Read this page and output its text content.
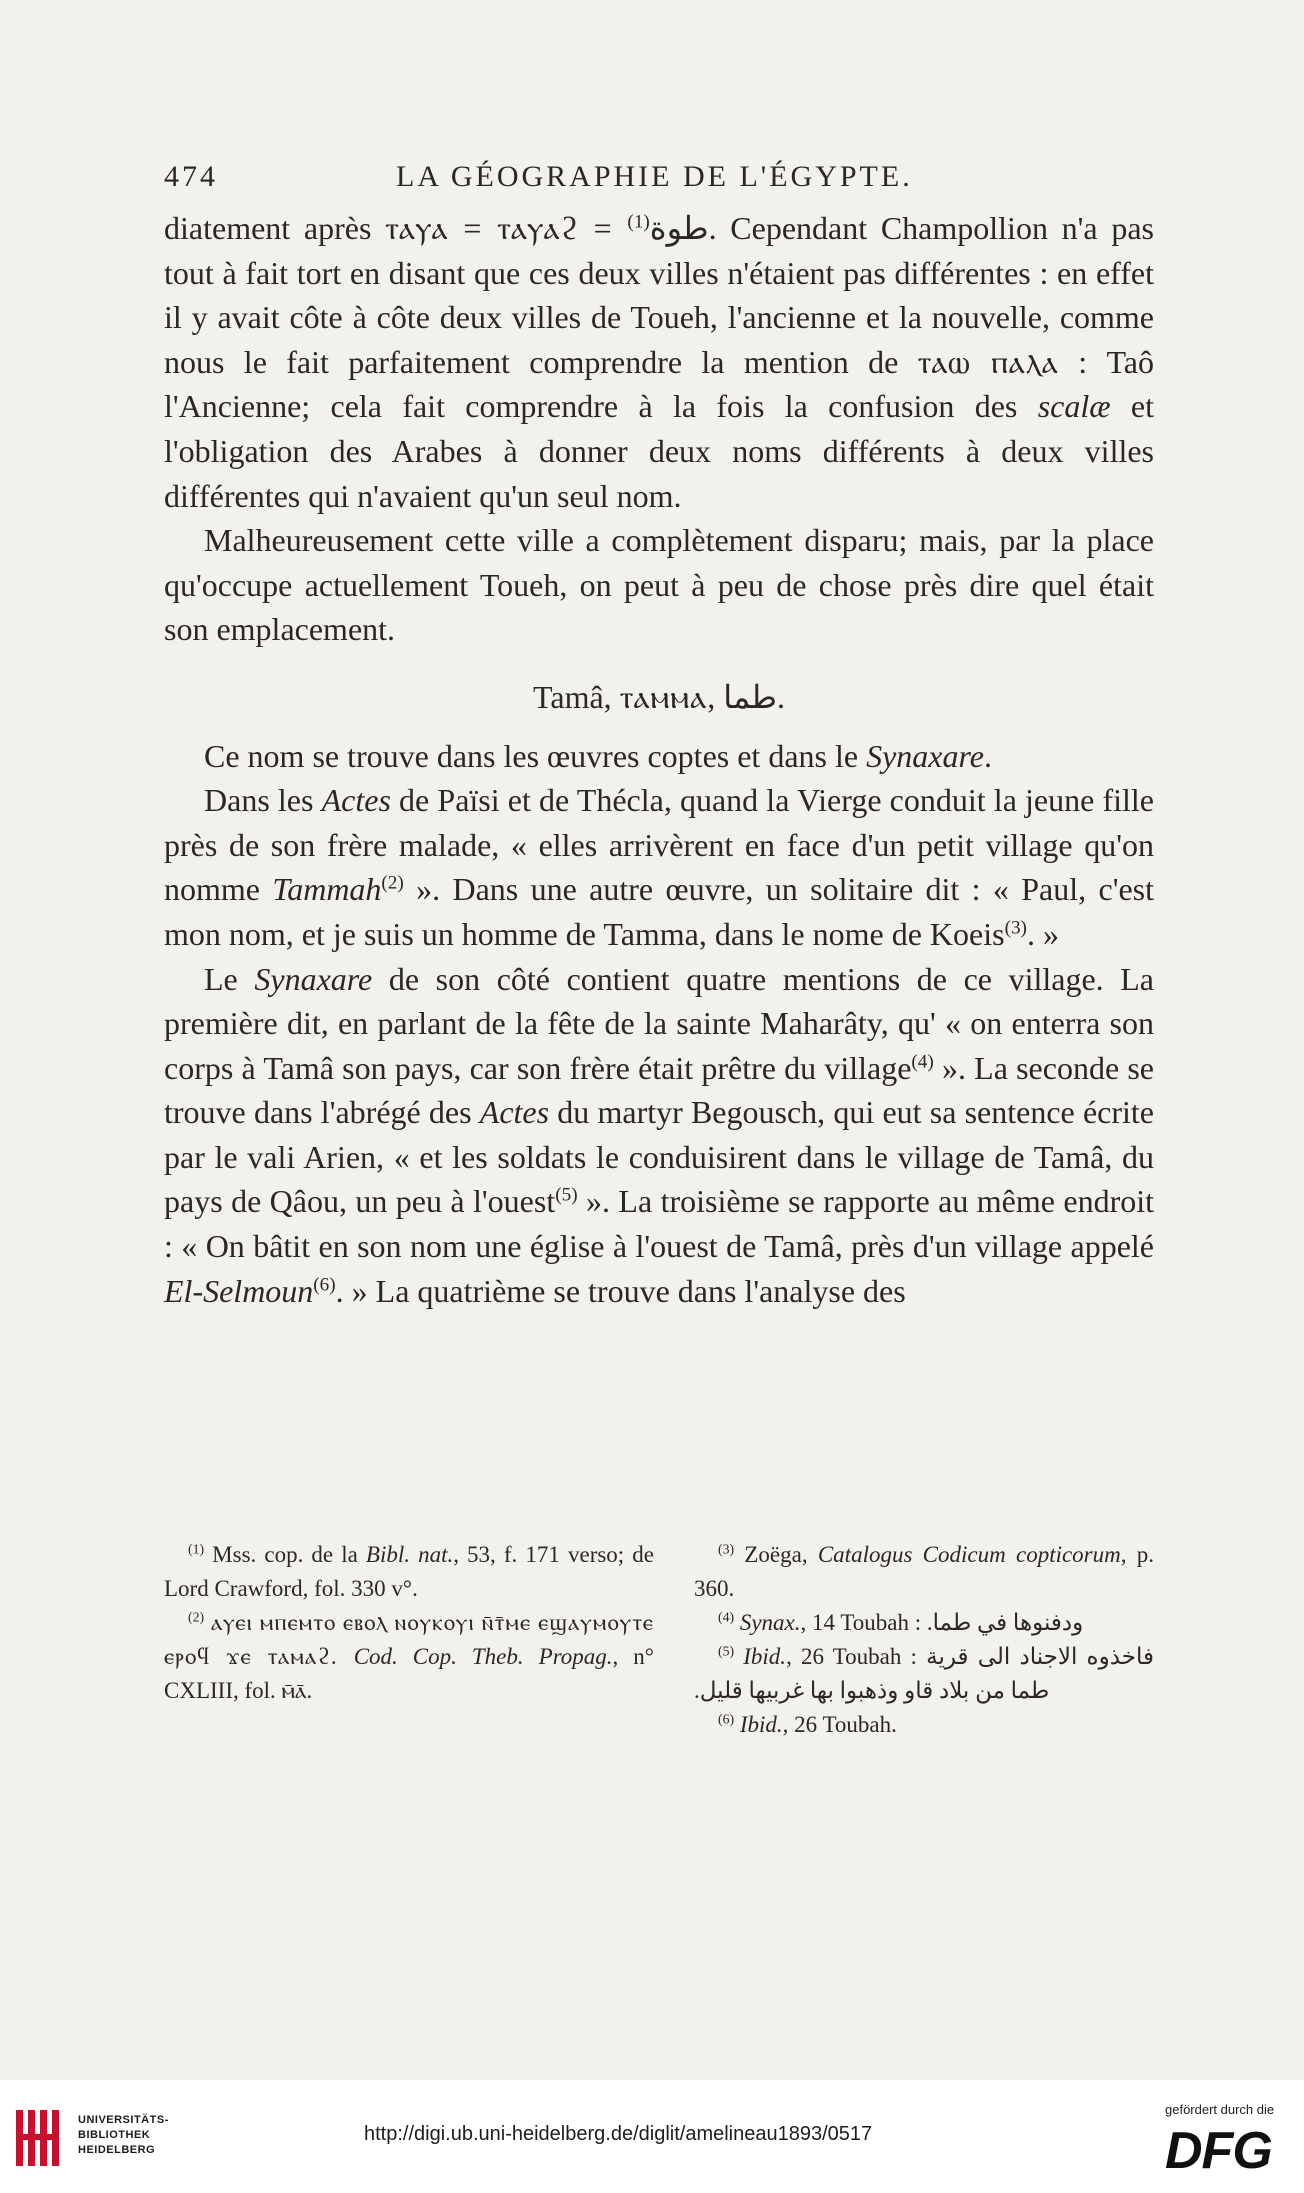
474	LA GÉOGRAPHIE DE L'ÉGYPTE.

diatement après ⲧⲁⲩⲁ = ⲧⲁⲩⲁϩ = طوة$^{(1)}$ . Cependant Champollion n'a pas tout à fait tort en disant que ces deux villes n'étaient pas différentes : en effet il y avait côte à côte deux villes de Toueh, l'ancienne et la nouvelle, comme nous le fait parfaitement comprendre la mention de ⲧⲁⲱ ⲡⲁⲗⲁ : Taô l'Ancienne; cela fait comprendre à la fois la confusion des scalæ et l'obligation des Arabes à donner deux noms différents à deux villes différentes qui n'avaient qu'un seul nom.

Malheureusement cette ville a complètement disparu; mais, par la place qu'occupe actuellement Toueh, on peut à peu de chose près dire quel était son emplacement.

Tamâ, ⲧⲁⲙⲙⲁ, طما.

Ce nom se trouve dans les œuvres coptes et dans le Synaxare.

Dans les Actes de Païsi et de Thécla, quand la Vierge conduit la jeune fille près de son frère malade, « elles arrivèrent en face d'un petit village qu'on nomme Tammah$^{(2)}$ ». Dans une autre œuvre, un solitaire dit : « Paul, c'est mon nom, et je suis un homme de Tamma, dans le nome de Koeis$^{(3)}$. »

Le Synaxare de son côté contient quatre mentions de ce village. La première dit, en parlant de la fête de la sainte Maharâty, qu' « on enterra son corps à Tamâ son pays, car son frère était prêtre du village$^{(4)}$ ». La seconde se trouve dans l'abrégé des Actes du martyr Begousch, qui eut sa sentence écrite par le vali Arien, « et les soldats le conduisirent dans le village de Tamâ, du pays de Qâou, un peu à l'ouest$^{(5)}$ ». La troisième se rapporte au même endroit : « On bâtit en son nom une église à l'ouest de Tamâ, près d'un village appelé El-Selmoun$^{(6)}$. » La quatrième se trouve dans l'analyse des

$^{(1)}$ Mss. cop. de la Bibl. nat., 53, f. 171 verso; de Lord Crawford, fol. 330 v°.

$^{(2)}$ ⲁⲩⲉⲓ ⲙⲡⲉⲙⲧⲟ ⲉⲃⲟⲗ ⲛⲟⲩⲕⲟⲩⲓ ⲛ̄ⲧ̄ⲙⲉ ⲉϣⲁⲩⲙⲟⲩⲧⲉ ⲉⲣⲟϥ ϫⲉ ⲧⲁⲙⲁϩ. Cod. Cop. Theb. Propag., n° CXLIII, fol. ⲙ̄ⲁ̄.

$^{(3)}$ Zoëga, Catalogus Codicum copticorum, p. 360.

$^{(4)}$ Synax., 14 Toubah : ودفنوها في طما.

$^{(5)}$ Ibid., 26 Toubah : فاخذوه الاجناد الى قرية طما من بلاد قاو وذهبوا بها غربيها قليل.

$^{(6)}$ Ibid., 26 Toubah.

UNIVERSITÄTS-
BIBLIOTHEK
HEIDELBERG
http://digi.ub.uni-heidelberg.de/diglit/amelineau1893/0517
gefördert durch die
DFG
